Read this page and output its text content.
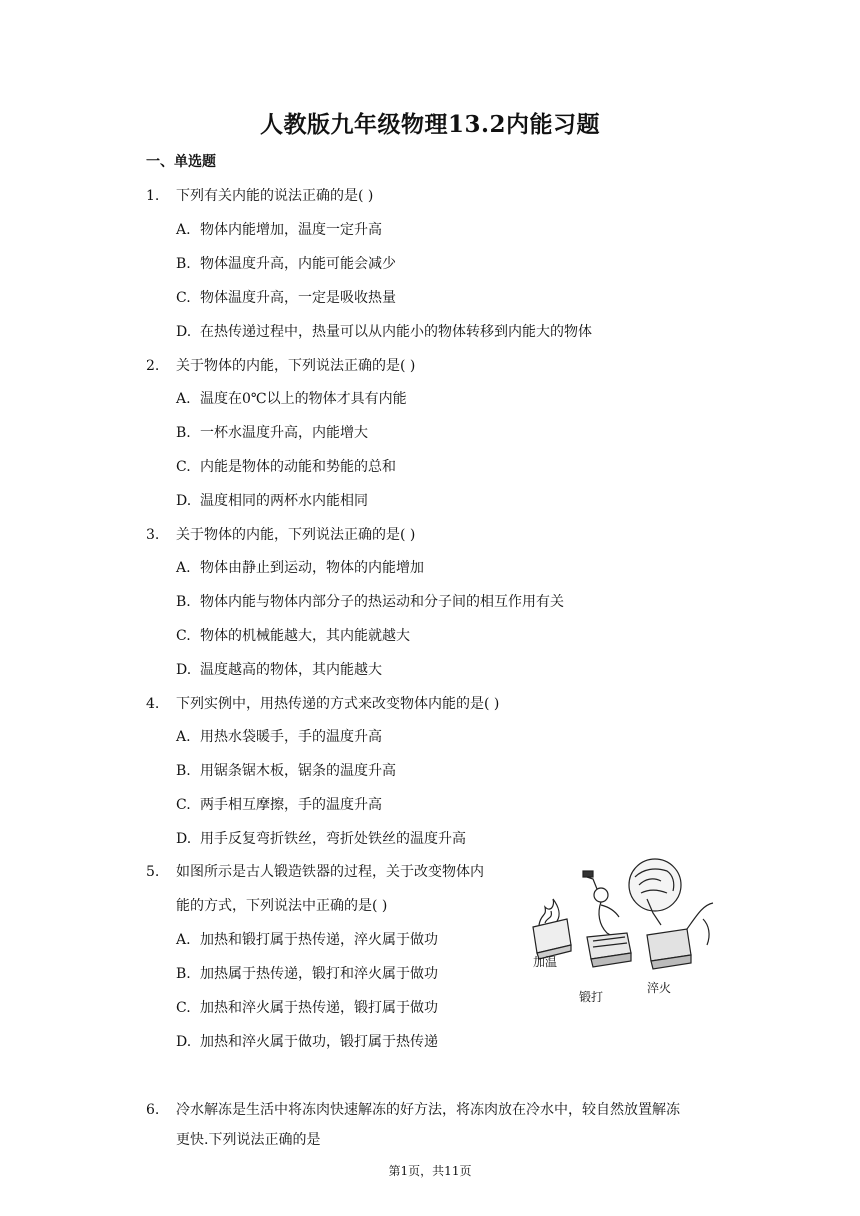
人教版九年级物理13.2内能习题
一、单选题
1. 下列有关内能的说法正确的是( )
A. 物体内能增加，温度一定升高
B. 物体温度升高，内能可能会减少
C. 物体温度升高，一定是吸收热量
D. 在热传递过程中，热量可以从内能小的物体转移到内能大的物体
2. 关于物体的内能，下列说法正确的是( )
A. 温度在0℃以上的物体才具有内能
B. 一杯水温度升高，内能增大
C. 内能是物体的动能和势能的总和
D. 温度相同的两杯水内能相同
3. 关于物体的内能，下列说法正确的是( )
A. 物体由静止到运动，物体的内能增加
B. 物体内能与物体内部分子的热运动和分子间的相互作用有关
C. 物体的机械能越大，其内能就越大
D. 温度越高的物体，其内能越大
4. 下列实例中，用热传递的方式来改变物体内能的是( )
A. 用热水袋暖手，手的温度升高
B. 用锯条锯木板，锯条的温度升高
C. 两手相互摩擦，手的温度升高
D. 用手反复弯折铁丝，弯折处铁丝的温度升高
5. 如图所示是古人锻造铁器的过程，关于改变物体内
能的方式，下列说法中正确的是( )
A. 加热和锻打属于热传递，淬火属于做功
B. 加热属于热传递，锻打和淬火属于做功
C. 加热和淬火属于热传递，锻打属于做功
D. 加热和淬火属于做功，锻打属于热传递
加温
锻打
淬火
6. 冷水解冻是生活中将冻肉快速解冻的好方法，将冻肉放在冷水中，较自然放置解冻
更快.下列说法正确的是
第1页，共11页
